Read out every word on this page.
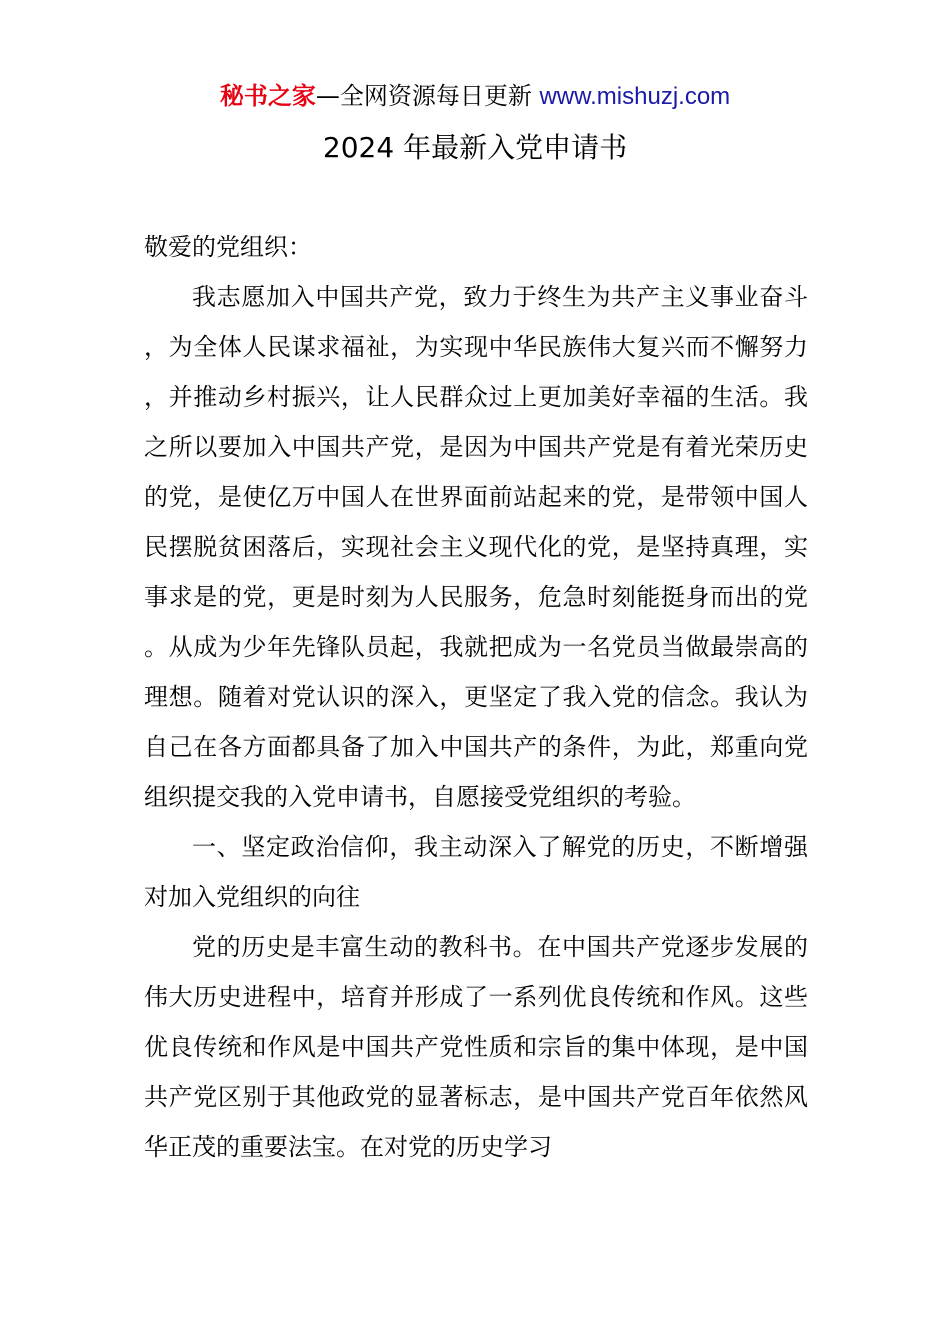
秘书之家—全网资源每日更新 www.mishuzj.com
2024 年最新入党申请书

敬爱的党组织：

我志愿加入中国共产党，致力于终生为共产主义事业奋斗，为全体人民谋求福祉，为实现中华民族伟大复兴而不懈努力，并推动乡村振兴，让人民群众过上更加美好幸福的生活。我之所以要加入中国共产党，是因为中国共产党是有着光荣历史的党，是使亿万中国人在世界面前站起来的党，是带领中国人民摆脱贫困落后，实现社会主义现代化的党，是坚持真理，实事求是的党，更是时刻为人民服务，危急时刻能挺身而出的党。从成为少年先锋队员起，我就把成为一名党员当做最崇高的理想。随着对党认识的深入，更坚定了我入党的信念。我认为自己在各方面都具备了加入中国共产的条件，为此，郑重向党组织提交我的入党申请书，自愿接受党组织的考验。

一、坚定政治信仰，我主动深入了解党的历史，不断增强对加入党组织的向往

党的历史是丰富生动的教科书。在中国共产党逐步发展的伟大历史进程中，培育并形成了一系列优良传统和作风。这些优良传统和作风是中国共产党性质和宗旨的集中体现，是中国共产党区别于其他政党的显著标志，是中国共产党百年依然风华正茂的重要法宝。在对党的历史学习
